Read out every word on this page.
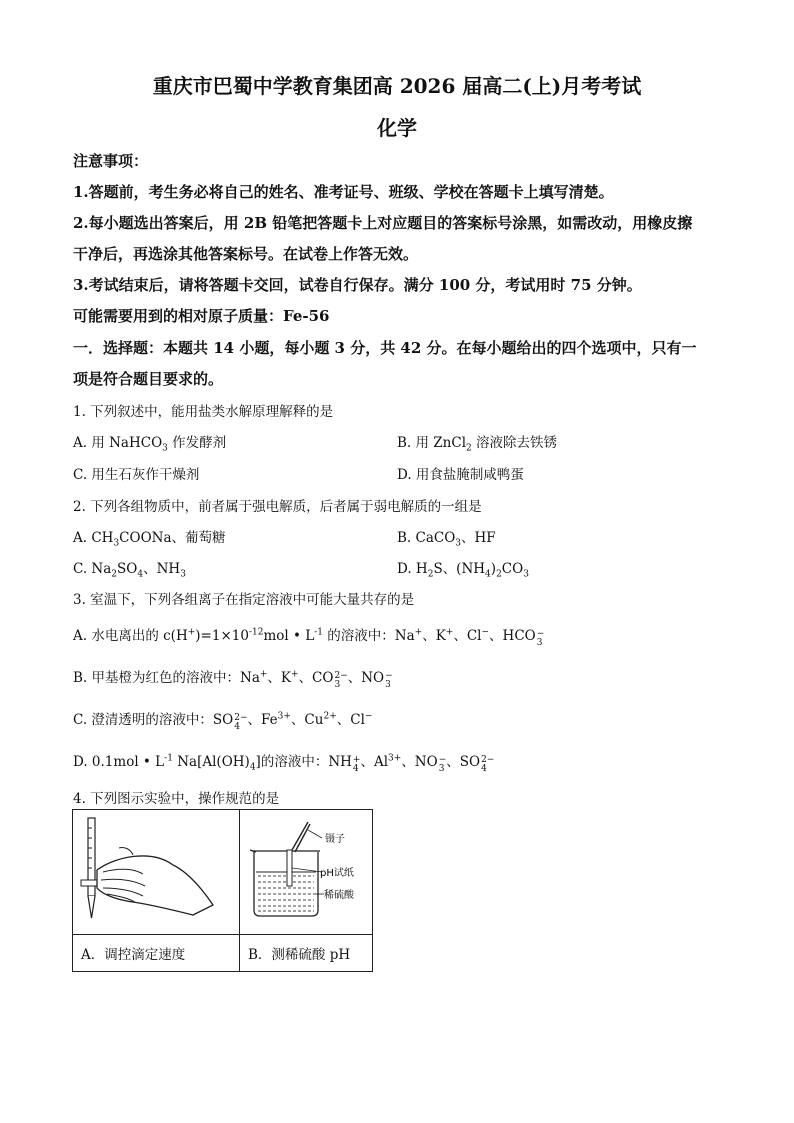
重庆市巴蜀中学教育集团高 2026 届高二(上)月考考试
化学
注意事项：
1.答题前，考生务必将自己的姓名、准考证号、班级、学校在答题卡上填写清楚。
2.每小题选出答案后，用 2B 铅笔把答题卡上对应题目的答案标号涂黑，如需改动，用橡皮擦
干净后，再选涂其他答案标号。在试卷上作答无效。
3.考试结束后，请将答题卡交回，试卷自行保存。满分 100 分，考试用时 75 分钟。
可能需要用到的相对原子质量：Fe-56
一．选择题：本题共 14 小题，每小题 3 分，共 42 分。在每小题给出的四个选项中，只有一
项是符合题目要求的。
1. 下列叙述中，能用盐类水解原理解释的是
A. 用 NaHCO$_3$ 作发酵剂	B. 用 ZnCl$_2$ 溶液除去铁锈
C. 用生石灰作干燥剂	D. 用食盐腌制咸鸭蛋
2. 下列各组物质中，前者属于强电解质，后者属于弱电解质的一组是
A. $CH_3COONa$、葡萄糖	B. CaCO$_3$、HF
C. $Na_2SO_4$、$NH_3$	D. $H_2S$、$(NH_4)_2CO_3$
3. 室温下，下列各组离子在指定溶液中可能大量共存的是
A. 水电离出的 $c(H^+)=1\times 10^{-12}mol$ • $L^{-1}$ 的溶液中：Na+、K+、Cl−、HCO −
3
B. 甲基橙为红色的溶液中：Na+、K+、CO 2−
3 、NO −
3
C. 澄清透明的溶液中：SO 2−
4 、$Fe^{3+}$、$Cu^{2+}$、Cl−
D. 0.1mol • $L^{-1}$ $Na[Al(OH)_4]$的溶液中：NH +
4 、$Al^{3+}$、NO −
3 、SO 2−
4
4. 下列图示实验中，操作规范的是

镊子
pH试纸
稀硫酸

A．调控滴定速度	B．测稀硫酸 pH
